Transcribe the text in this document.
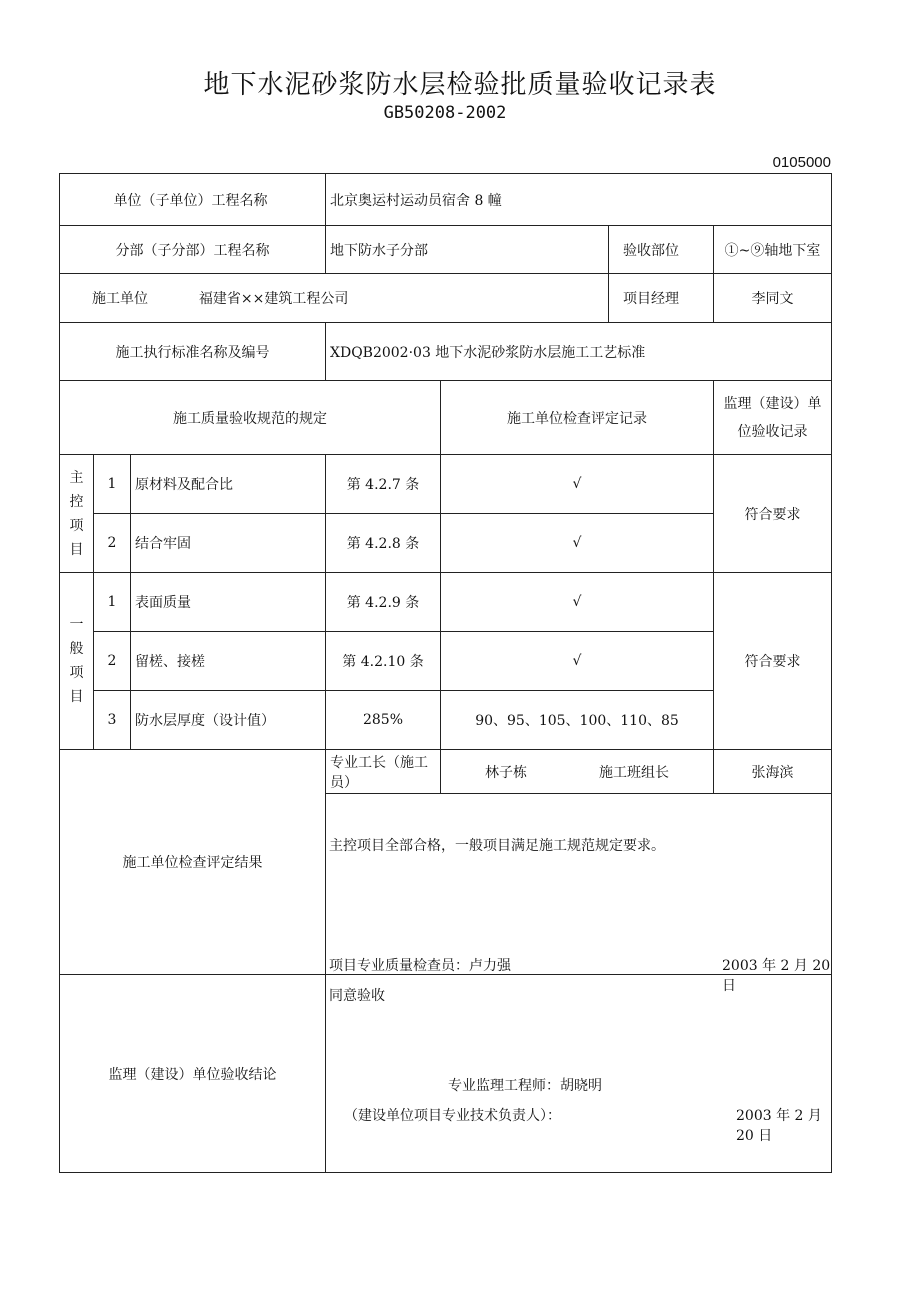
地下水泥砂浆防水层检验批质量验收记录表
GB50208-2002
0105000
单位（子单位）工程名称			北京奥运村运动员宿舍 8 幢			
分部（子分部）工程名称			地下防水子分部		验收部位	①~⑨轴地下室
施工单位 福建省××建筑工程公司					项目经理	李同文
施工执行标准名称及编号			XDQB2002·03 地下水泥砂浆防水层施工工艺标准			
施工质量验收规范的规定				施工单位检查评定记录		监理（建设）单位验收记录
主控项目	1	原材料及配合比	第 4.2.7 条	√		符合要求
	2	结合牢固	第 4.2.8 条	√		
一般项目	1	表面质量	第 4.2.9 条	√		符合要求
	2	留槎、接槎	第 4.2.10 条	√		
	3	防水层厚度（设计值）	285%	90、95、105、100、110、85		
施工单位检查评定结果			专业工长（施工员）	林子栋 施工班组长		张海滨

			主控项目全部合格，一般项目满足施工规范规定要求。
项目专业质量检查员：卢力强 2003 年 2 月 20 日			

监理（建设）单位验收结论			同意验收
专业监理工程师：胡晓明
（建设单位项目专业技术负责人）： 2003 年 2 月 20 日			
